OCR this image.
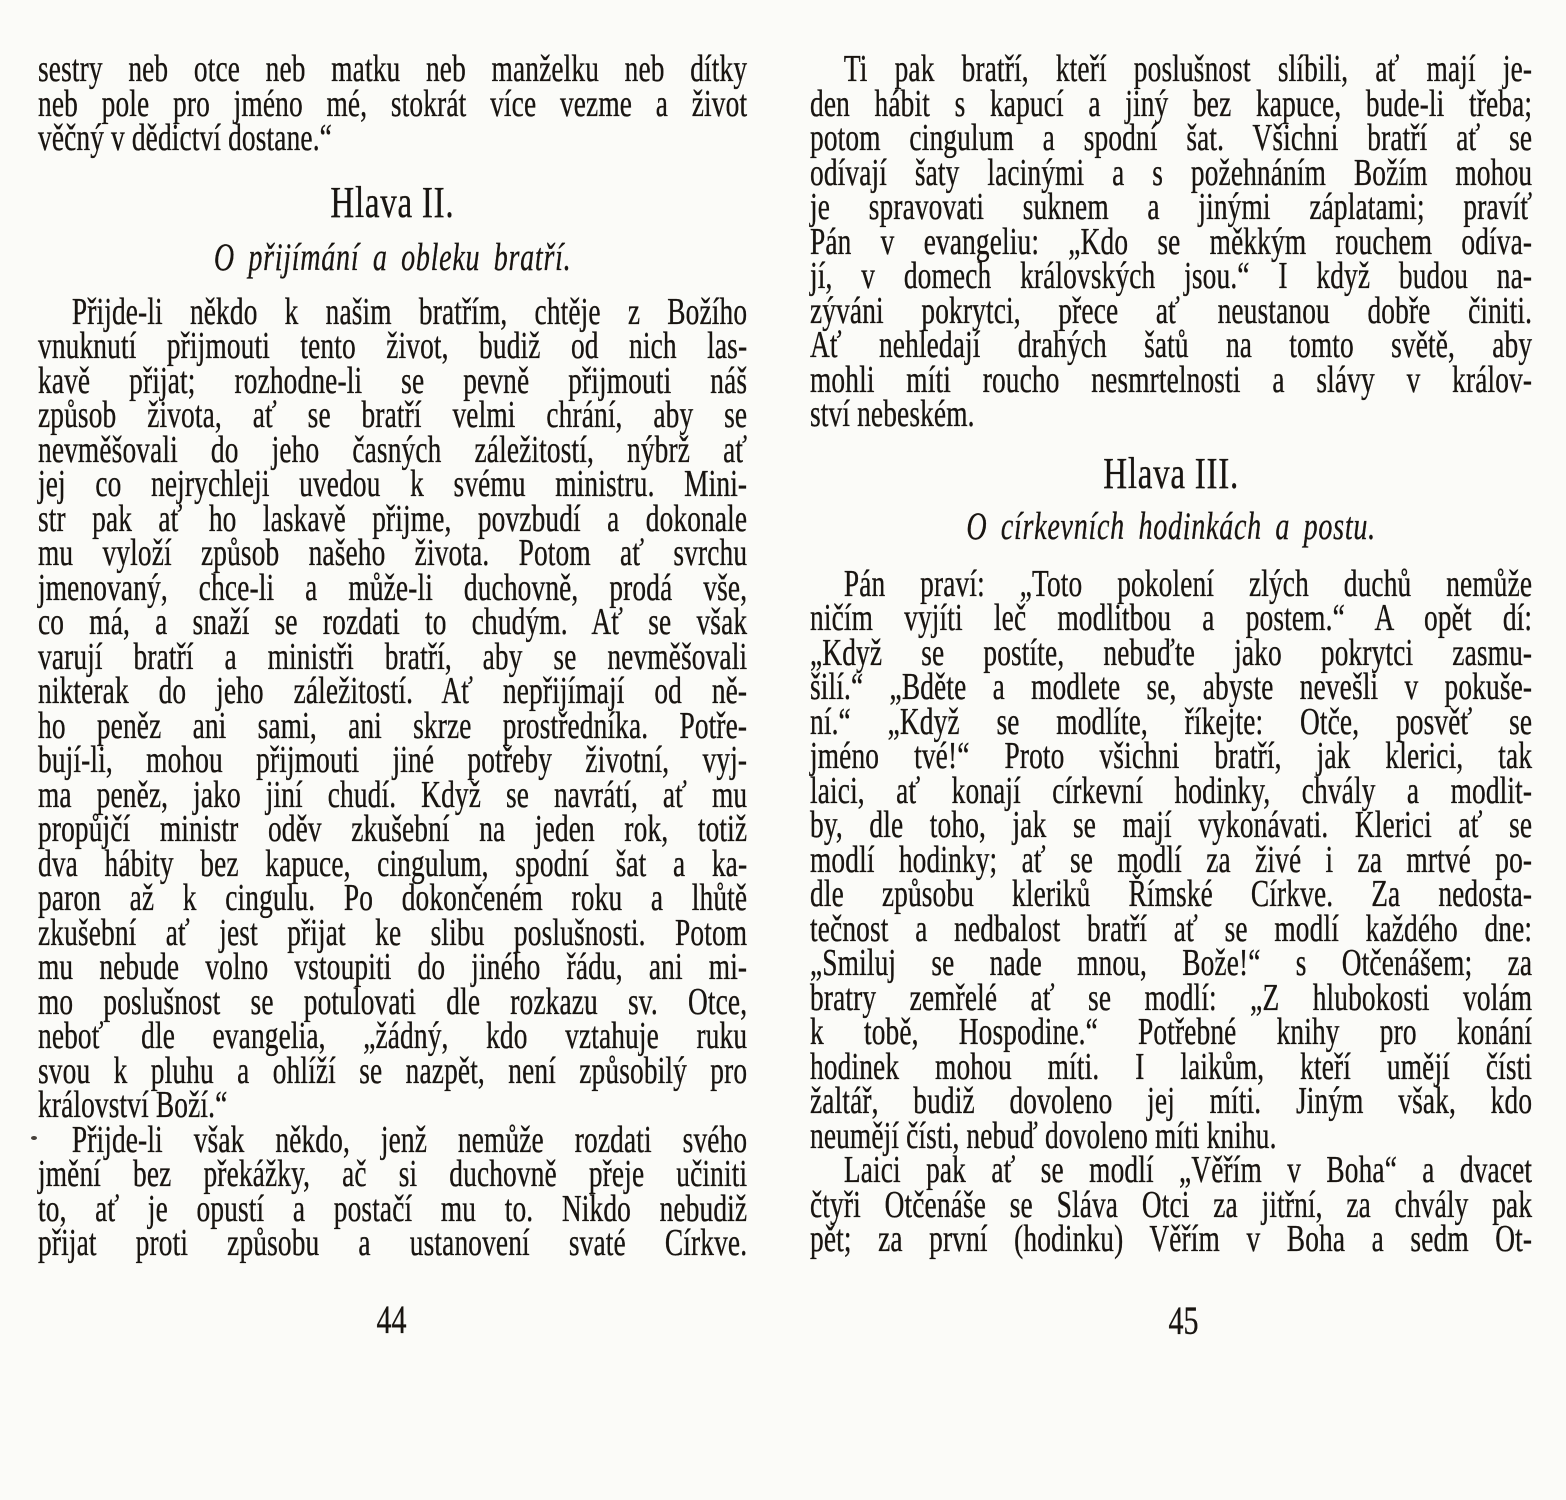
sestry neb otce neb matku neb manželku neb dítky
neb pole pro jméno mé, stokrát více vezme a život
věčný v dědictví dostane.“
Hlava II.
O přijímání a obleku bratří.
Přijde-li někdo k našim bratřím, chtěje z Božího
vnuknutí přijmouti tento život, budiž od nich las-
kavě přijat; rozhodne-li se pevně přijmouti náš
způsob života, ať se bratří velmi chrání, aby se
nevměšovali do jeho časných záležitostí, nýbrž ať
jej co nejrychleji uvedou k svému ministru. Mini-
str pak ať ho laskavě přijme, povzbudí a dokonale
mu vyloží způsob našeho života. Potom ať svrchu
jmenovaný, chce-li a může-li duchovně, prodá vše,
co má, a snaží se rozdati to chudým. Ať se však
varují bratří a ministři bratří, aby se nevměšovali
nikterak do jeho záležitostí. Ať nepřijímají od ně-
ho peněz ani sami, ani skrze prostředníka. Potře-
bují-li, mohou přijmouti jiné potřeby životní, vyj-
ma peněz, jako jiní chudí. Když se navrátí, ať mu
propůjčí ministr oděv zkušební na jeden rok, totiž
dva hábity bez kapuce, cingulum, spodní šat a ka-
paron až k cingulu. Po dokončeném roku a lhůtě
zkušební ať jest přijat ke slibu poslušnosti. Potom
mu nebude volno vstoupiti do jiného řádu, ani mi-
mo poslušnost se potulovati dle rozkazu sv. Otce,
neboť dle evangelia, „žádný, kdo vztahuje ruku
svou k pluhu a ohlíží se nazpět, není způsobilý pro
království Boží.“
Přijde-li však někdo, jenž nemůže rozdati svého
jmění bez překážky, ač si duchovně přeje učiniti
to, ať je opustí a postačí mu to. Nikdo nebudiž
přijat proti způsobu a ustanovení svaté Církve.
Ti pak bratří, kteří poslušnost slíbili, ať mají je-
den hábit s kapucí a jiný bez kapuce, bude-li třeba;
potom cingulum a spodní šat. Všichni bratří ať se
odívají šaty lacinými a s požehnáním Božím mohou
je spravovati suknem a jinými záplatami; pravíť
Pán v evangeliu: „Kdo se měkkým rouchem odíva-
jí, v domech královských jsou.“ I když budou na-
zýváni pokrytci, přece ať neustanou dobře činiti.
Ať nehledají drahých šatů na tomto světě, aby
mohli míti roucho nesmrtelnosti a slávy v králov-
ství nebeském.
Hlava III.
O církevních hodinkách a postu.
Pán praví: „Toto pokolení zlých duchů nemůže
ničím vyjíti leč modlitbou a postem.“ A opět dí:
„Když se postíte, nebuďte jako pokrytci zasmu-
šilí.“ „Bděte a modlete se, abyste nevešli v pokuše-
ní.“ „Když se modlíte, říkejte: Otče, posvěť se
jméno tvé!“ Proto všichni bratří, jak klerici, tak
laici, ať konají církevní hodinky, chvály a modlit-
by, dle toho, jak se mají vykonávati. Klerici ať se
modlí hodinky; ať se modlí za živé i za mrtvé po-
dle způsobu kleriků Římské Církve. Za nedosta-
tečnost a nedbalost bratří ať se modlí každého dne:
„Smiluj se nade mnou, Bože!“ s Otčenášem; za
bratry zemřelé ať se modlí: „Z hlubokosti volám
k tobě, Hospodine.“ Potřebné knihy pro konání
hodinek mohou míti. I laikům, kteří umějí čísti
žaltář, budiž dovoleno jej míti. Jiným však, kdo
neumějí čísti, nebuď dovoleno míti knihu.
Laici pak ať se modlí „Věřím v Boha“ a dvacet
čtyři Otčenáše se Sláva Otci za jitřní, za chvály pak
pět; za první (hodinku) Věřím v Boha a sedm Ot-
44	45
